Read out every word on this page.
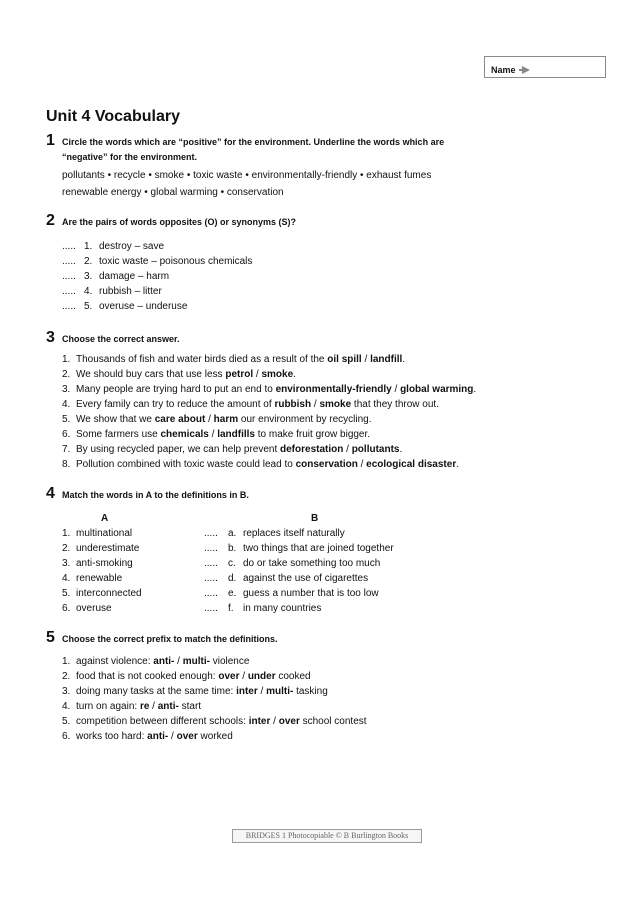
Name
Unit 4 Vocabulary
1 Circle the words which are “positive” for the environment. Underline the words which are
“negative” for the environment.
pollutants • recycle • smoke • toxic waste • environmentally-friendly • exhaust fumes
renewable energy • global warming • conservation
2 Are the pairs of words opposites (O) or synonyms (S)?
..... 1. destroy – save
..... 2. toxic waste – poisonous chemicals
..... 3. damage – harm
..... 4. rubbish – litter
..... 5. overuse – underuse
3 Choose the correct answer.
1. Thousands of fish and water birds died as a result of the oil spill / landfill.
2. We should buy cars that use less petrol / smoke.
3. Many people are trying hard to put an end to environmentally-friendly / global warming.
4. Every family can try to reduce the amount of rubbish / smoke that they throw out.
5. We show that we care about / harm our environment by recycling.
6. Some farmers use chemicals / landfills to make fruit grow bigger.
7. By using recycled paper, we can help prevent deforestation / pollutants.
8. Pollution combined with toxic waste could lead to conservation / ecological disaster.
4 Match the words in A to the definitions in B.
A	B
1. multinational	..... a. replaces itself naturally
2. underestimate	..... b. two things that are joined together
3. anti-smoking	..... c. do or take something too much
4. renewable	..... d. against the use of cigarettes
5. interconnected	..... e. guess a number that is too low
6. overuse	..... f. in many countries
5 Choose the correct prefix to match the definitions.
1. against violence: anti- / multi- violence
2. food that is not cooked enough: over / under cooked
3. doing many tasks at the same time: inter / multi- tasking
4. turn on again: re / anti- start
5. competition between different schools: inter / over school contest
6. works too hard: anti- / over worked
BRIDGES 1 Photocopiable © B Burlington Books
